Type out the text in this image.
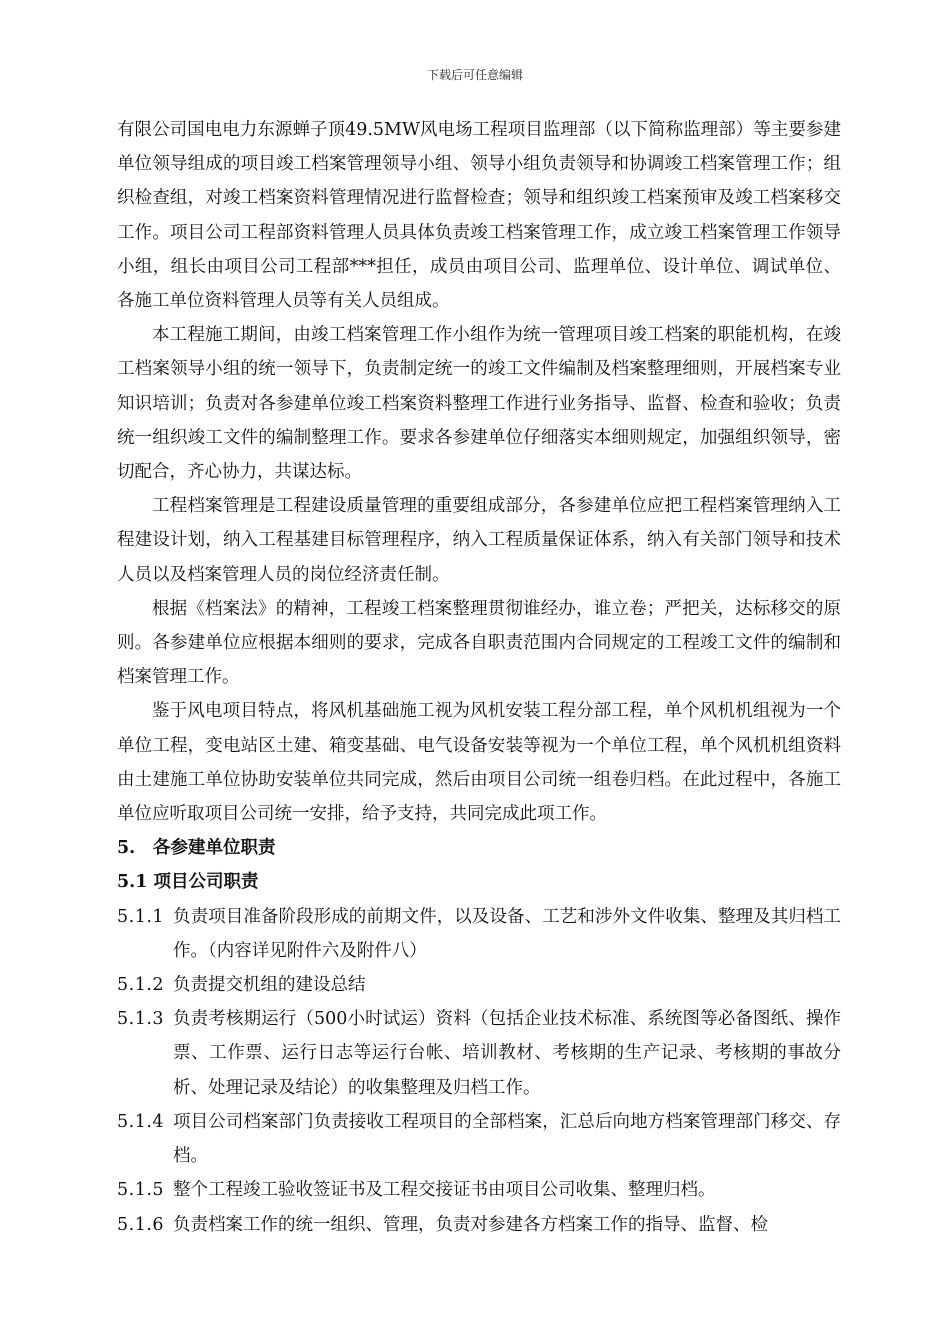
下载后可任意编辑

有限公司国电电力东源蝉子顶49.5MW风电场工程项目监理部（以下简称监理部）等主要参建单位领导组成的项目竣工档案管理领导小组、领导小组负责领导和协调竣工档案管理工作；组织检查组，对竣工档案资料管理情况进行监督检查；领导和组织竣工档案预审及竣工档案移交工作。项目公司工程部资料管理人员具体负责竣工档案管理工作，成立竣工档案管理工作领导小组，组长由项目公司工程部***担任，成员由项目公司、监理单位、设计单位、调试单位、各施工单位资料管理人员等有关人员组成。

本工程施工期间，由竣工档案管理工作小组作为统一管理项目竣工档案的职能机构，在竣工档案领导小组的统一领导下，负责制定统一的竣工文件编制及档案整理细则，开展档案专业知识培训；负责对各参建单位竣工档案资料整理工作进行业务指导、监督、检查和验收；负责统一组织竣工文件的编制整理工作。要求各参建单位仔细落实本细则规定，加强组织领导，密切配合，齐心协力，共谋达标。

工程档案管理是工程建设质量管理的重要组成部分，各参建单位应把工程档案管理纳入工程建设计划，纳入工程基建目标管理程序，纳入工程质量保证体系，纳入有关部门领导和技术人员以及档案管理人员的岗位经济责任制。

根据《档案法》的精神，工程竣工档案整理贯彻谁经办，谁立卷；严把关，达标移交的原则。各参建单位应根据本细则的要求，完成各自职责范围内合同规定的工程竣工文件的编制和档案管理工作。

鉴于风电项目特点，将风机基础施工视为风机安装工程分部工程，单个风机机组视为一个单位工程，变电站区土建、箱变基础、电气设备安装等视为一个单位工程，单个风机机组资料由土建施工单位协助安装单位共同完成，然后由项目公司统一组卷归档。在此过程中，各施工单位应听取项目公司统一安排，给予支持，共同完成此项工作。

5. 各参建单位职责

5.1 项目公司职责

5.1.1 负责项目准备阶段形成的前期文件，以及设备、工艺和涉外文件收集、整理及其归档工作。（内容详见附件六及附件八）
5.1.2 负责提交机组的建设总结
5.1.3 负责考核期运行（500小时试运）资料（包括企业技术标准、系统图等必备图纸、操作票、工作票、运行日志等运行台帐、培训教材、考核期的生产记录、考核期的事故分析、处理记录及结论）的收集整理及归档工作。
5.1.4 项目公司档案部门负责接收工程项目的全部档案，汇总后向地方档案管理部门移交、存档。
5.1.5 整个工程竣工验收签证书及工程交接证书由项目公司收集、整理归档。
5.1.6 负责档案工作的统一组织、管理，负责对参建各方档案工作的指导、监督、检
